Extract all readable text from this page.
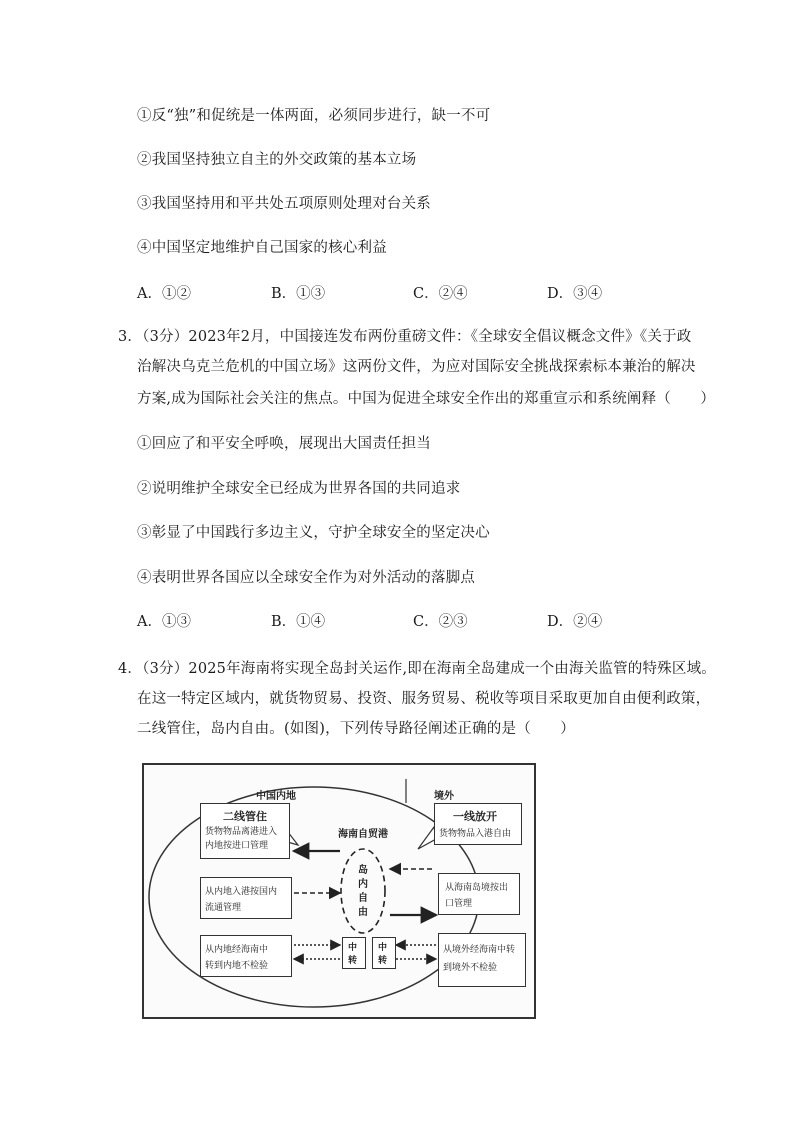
①反“独”和促统是一体两面，必须同步进行，缺一不可
②我国坚持独立自主的外交政策的基本立场
③我国坚持用和平共处五项原则处理对台关系
④中国坚定地维护自己国家的核心利益
A．①②	B．①③	C．②④	D．③④
3．（3分）2023年2月，中国接连发布两份重磅文件：《全球安全倡议概念文件》《关于政
治解决乌克兰危机的中国立场》这两份文件，为应对国际安全挑战探索标本兼治的解决
方案,成为国际社会关注的焦点。中国为促进全球安全作出的郑重宣示和系统阐释（　　）
①回应了和平安全呼唤，展现出大国责任担当
②说明维护全球安全已经成为世界各国的共同追求
③彰显了中国践行多边主义，守护全球安全的坚定决心
④表明世界各国应以全球安全作为对外活动的落脚点
A．①③	B．①④	C．②③	D．②④
4．（3分）2025年海南将实现全岛封关运作,即在海南全岛建成一个由海关监管的特殊区域。
在这一特定区域内，就货物贸易、投资、服务贸易、税收等项目采取更加自由便利政策，
二线管住，岛内自由。(如图)，下列传导路径阐述正确的是（　　）
中国内地	境外
海南自贸港
岛
内
自
由
二线管住
货物物品离港进入
内地按进口管理
从内地入港按国内
流通管理
从内地经海南中
转到内地不检验
一线放开
货物物品入港自由
从海南岛境按出
口管理
从境外经海南中转
到境外不检验
中
转
中
转
